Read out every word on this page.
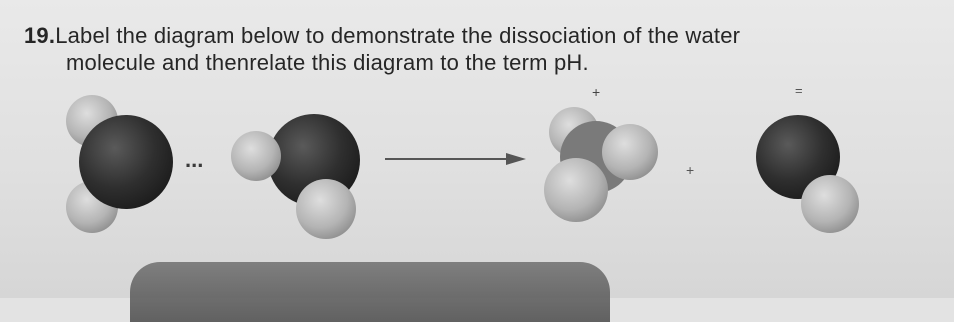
19.Label the diagram below to demonstrate the dissociation of the water
molecule and thenrelate this diagram to the term pH.
...
+
+
=
